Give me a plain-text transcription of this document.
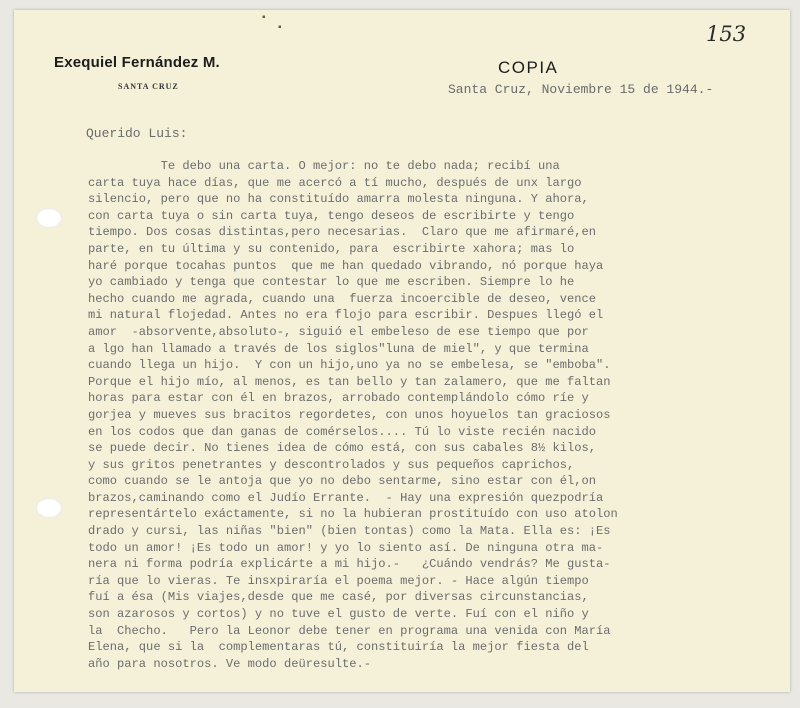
▪
▪	153
Exequiel Fernández M.
SANTA CRUZ
COPIA
Santa Cruz, Noviembre 15 de 1944.-
Querido Luis:
Te debo una carta. O mejor: no te debo nada; recibí una
carta tuya hace días, que me acercó a tí mucho, después de unx largo
silencio, pero que no ha constituído amarra molesta ninguna. Y ahora,
con carta tuya o sin carta tuya, tengo deseos de escribirte y tengo
tiempo. Dos cosas distintas,pero necesarias.  Claro que me afirmaré,en
parte, en tu última y su contenido, para  escribirte xahora; mas lo
haré porque tocahas puntos  que me han quedado vibrando, nó porque haya
yo cambiado y tenga que contestar lo que me escriben. Siempre lo he
hecho cuando me agrada, cuando una  fuerza incoercible de deseo, vence
mi natural flojedad. Antes no era flojo para escribir. Despues llegó el
amor  -absorvente,absoluto-, siguió el embeleso de ese tiempo que por
a lgo han llamado a través de los siglos"luna de miel", y que termina
cuando llega un hijo.  Y con un hijo,uno ya no se embelesa, se "emboba".
Porque el hijo mío, al menos, es tan bello y tan zalamero, que me faltan
horas para estar con él en brazos, arrobado contemplándolo cómo ríe y
gorjea y mueves sus bracitos regordetes, con unos hoyuelos tan graciosos
en los codos que dan ganas de comérselos.... Tú lo viste recién nacido
se puede decir. No tienes idea de cómo está, con sus cabales 8½ kilos,
y sus gritos penetrantes y descontrolados y sus pequeños caprichos,
como cuando se le antoja que yo no debo sentarme, sino estar con él,on
brazos,caminando como el Judío Errante.  - Hay una expresión quezpodría
representártelo exáctamente, si no la hubieran prostituído con uso atolon
drado y cursi, las niñas "bien" (bien tontas) como la Mata. Ella es: ¡Es
todo un amor! ¡Es todo un amor! y yo lo siento así. De ninguna otra ma-
nera ni forma podría explicárte a mi hijo.-   ¿Cuándo vendrás? Me gusta-
ría que lo vieras. Te insxpiraría el poema mejor. - Hace algún tiempo
fuí a ésa (Mis viajes,desde que me casé, por diversas circunstancias,
son azarosos y cortos) y no tuve el gusto de verte. Fuí con el niño y
la  Checho.   Pero la Leonor debe tener en programa una venida con María
Elena, que si la  complementaras tú, constituiría la mejor fiesta del
año para nosotros. Ve modo deüresulte.-
